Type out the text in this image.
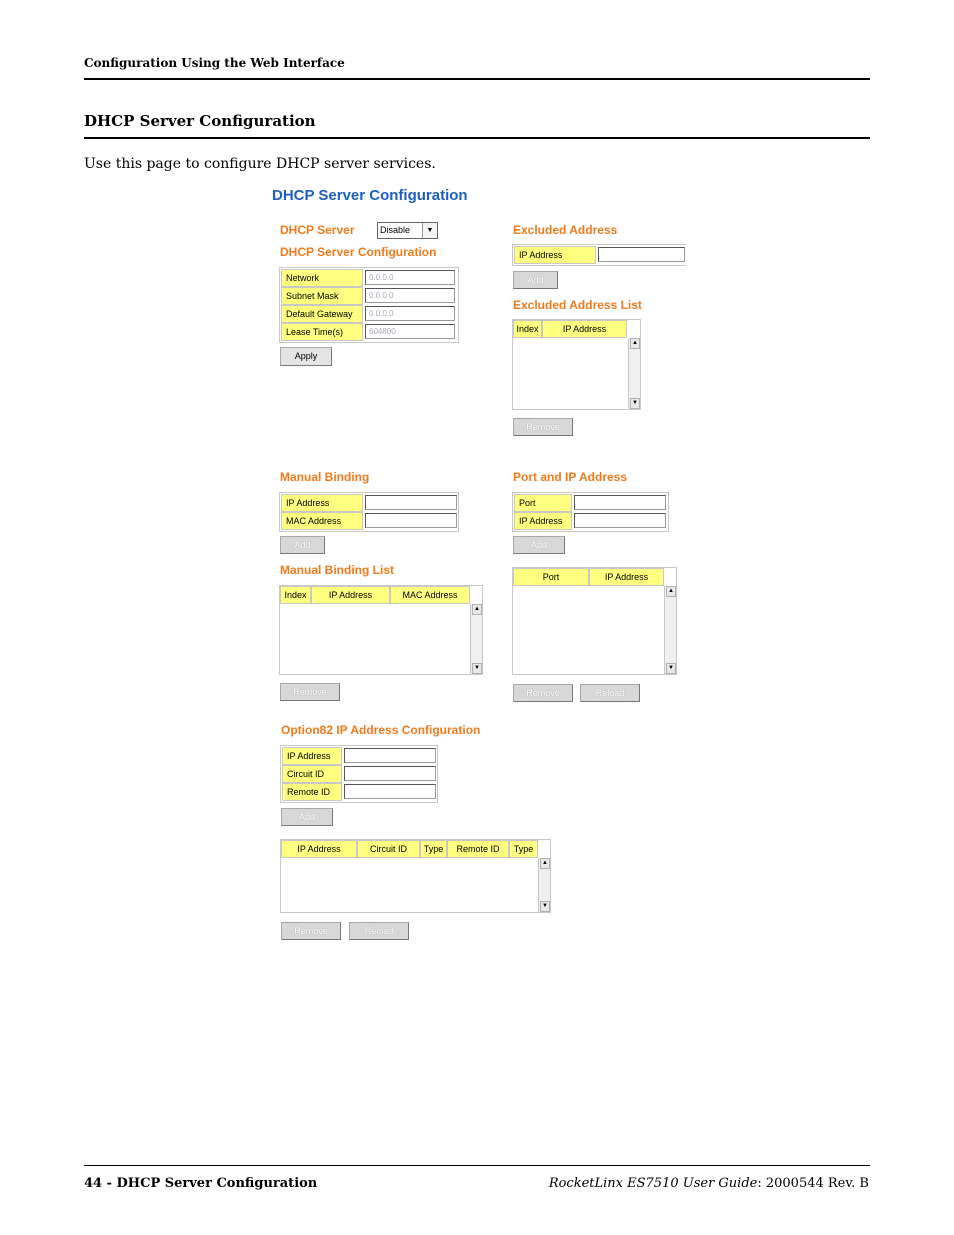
Configuration Using the Web Interface
DHCP Server Configuration
Use this page to configure DHCP server services.
DHCP Server Configuration
DHCP Server	Disable	▼
DHCP Server Configuration
Network	0.0.0.0
Subnet Mask	0.0.0.0
Default Gateway	0.0.0.0
Lease Time(s)	604800
Apply
Excluded Address
IP Address
Add
Excluded Address List
Index	IP Address
▲
▼
Remove
Manual Binding
IP Address
MAC Address
Add
Manual Binding List
Index	IP Address	MAC Address
▲
▼
Remove
Port and IP Address
Port
IP Address
Add
Port	IP Address
▲
▼
Remove	Reload
Option82 IP Address Configuration
IP Address
Circuit ID
Remote ID
Add
IP Address	Circuit ID	Type	Remote ID	Type
▲
▼
Remove	Reload
44 - DHCP Server Configuration	RocketLinx ES7510 User Guide: 2000544 Rev. B
